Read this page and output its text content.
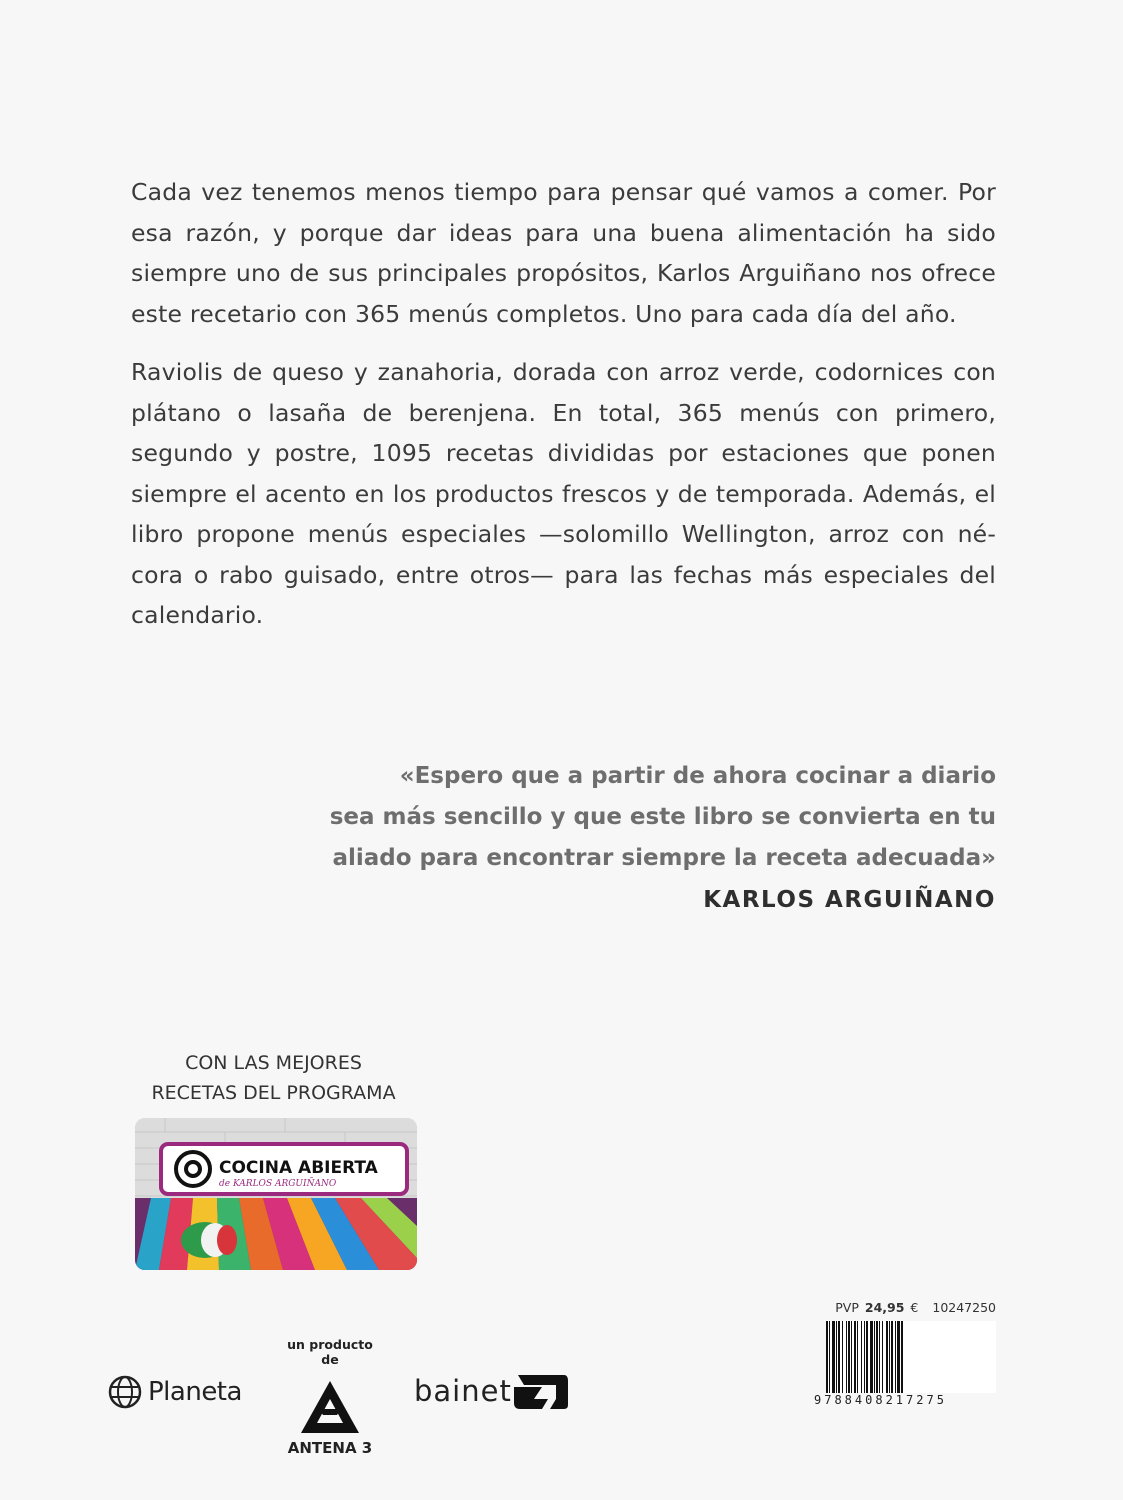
Cada vez tenemos menos tiempo para pensar qué vamos a comer. Por esa razón, y porque dar ideas para una buena alimentación ha sido siempre uno de sus principales propósitos, Karlos Arguiñano nos ofrece este recetario con 365 menús completos. Uno para cada día del año.

Raviolis de queso y zanahoria, dorada con arroz verde, codornices con plátano o lasaña de berenjena. En total, 365 menús con primero, segundo y postre, 1095 recetas divididas por estaciones que ponen siempre el acento en los productos frescos y de temporada. Además, el libro propone menús especiales —solomillo Wellington, arroz con né-cora o rabo guisado, entre otros— para las fechas más especiales del calendario.

«Espero que a partir de ahora cocinar a diario
sea más sencillo y que este libro se convierta en tu
aliado para encontrar siempre la receta adecuada»
KARLOS ARGUIÑANO
CON LAS MEJORES
RECETAS DEL PROGRAMA
COCINA ABIERTA
de KARLOS ARGUIÑANO
Planeta
un producto de
ANTENA 3
bainet
PVP 24,95 € 10247250
9788408217275
